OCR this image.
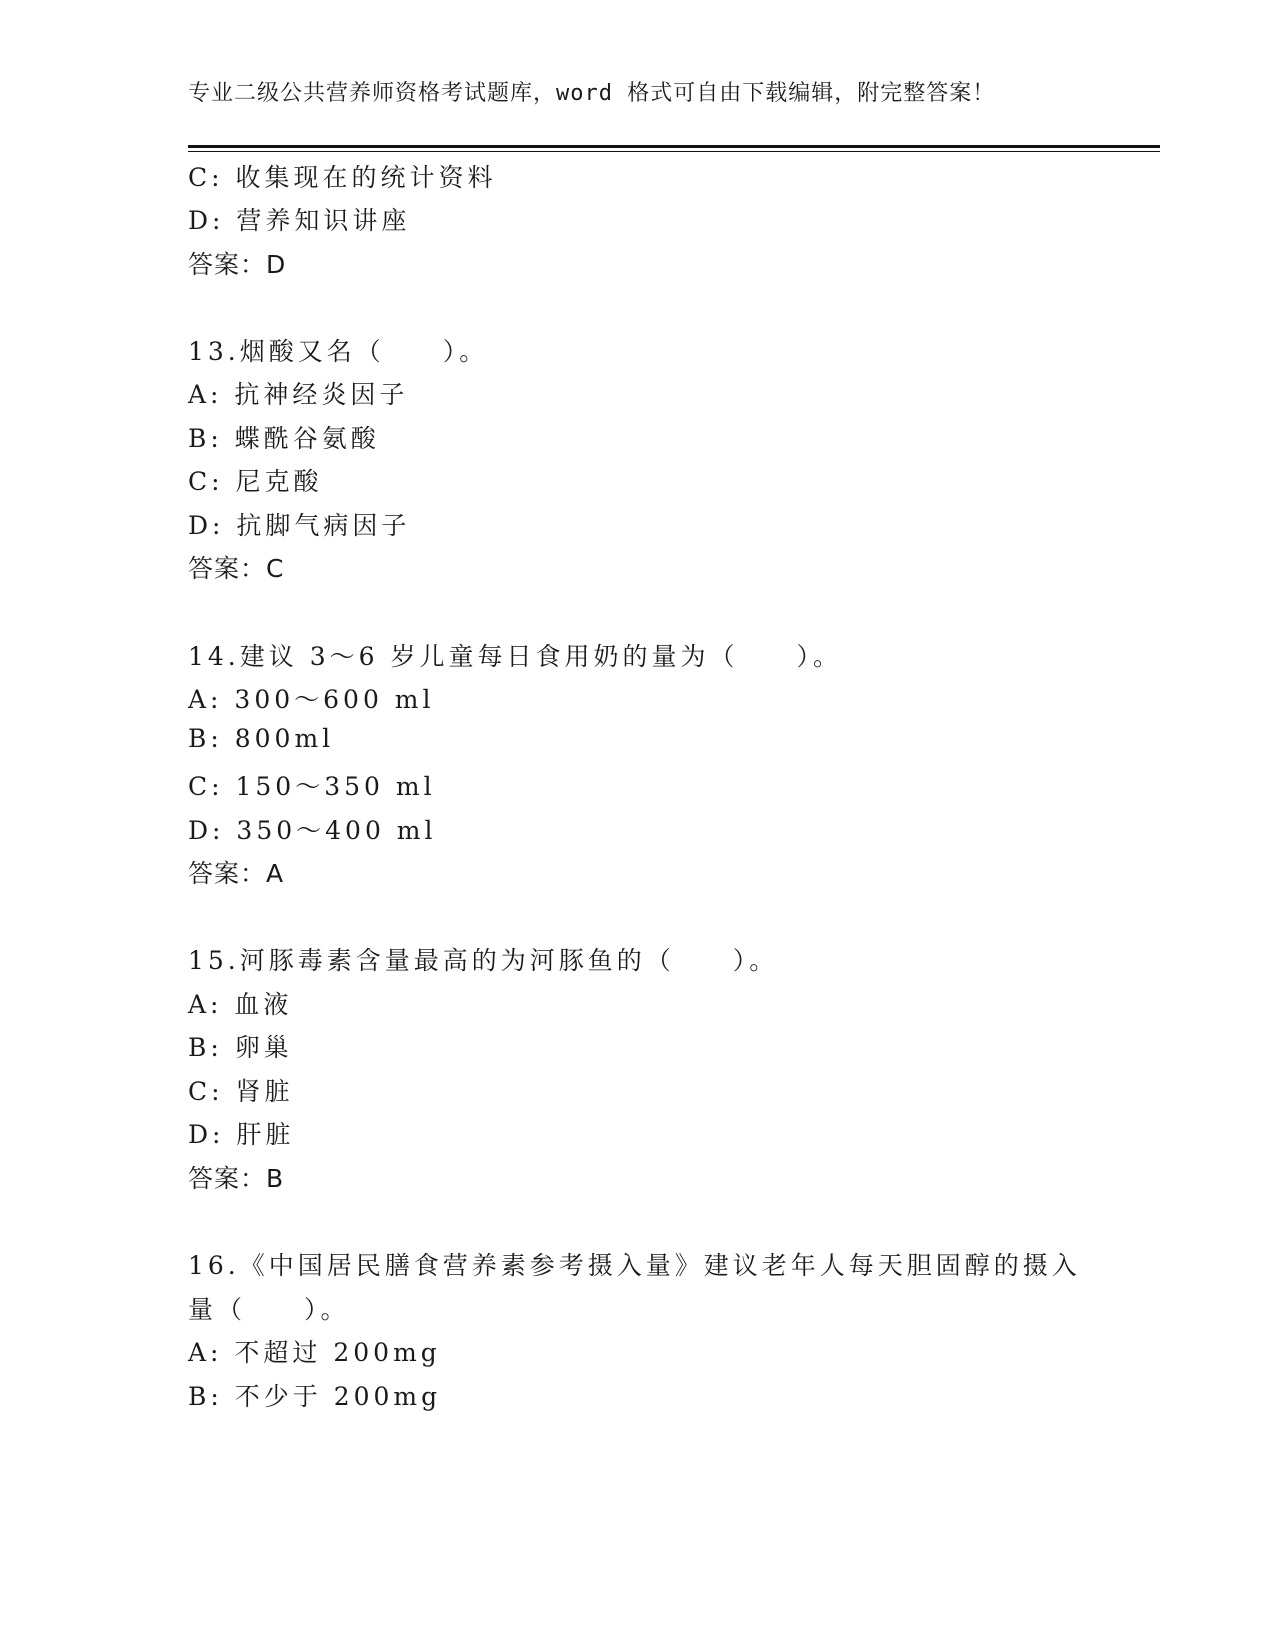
专业二级公共营养师资格考试题库，word 格式可自由下载编辑，附完整答案！
C: 收集现在的统计资料
D: 营养知识讲座
答案：D
13.烟酸又名（　　）。
A: 抗神经炎因子
B: 蝶酰谷氨酸
C: 尼克酸
D: 抗脚气病因子
答案：C
14.建议 3～6 岁儿童每日食用奶的量为（　　）。
A: 300～600 ml
B: 800ml
C: 150～350 ml
D: 350～400 ml
答案：A
15.河豚毒素含量最高的为河豚鱼的（　　）。
A: 血液
B: 卵巢
C: 肾脏
D: 肝脏
答案：B
16.《中国居民膳食营养素参考摄入量》建议老年人每天胆固醇的摄入
量（　　）。
A: 不超过 200mg
B: 不少于 200mg
